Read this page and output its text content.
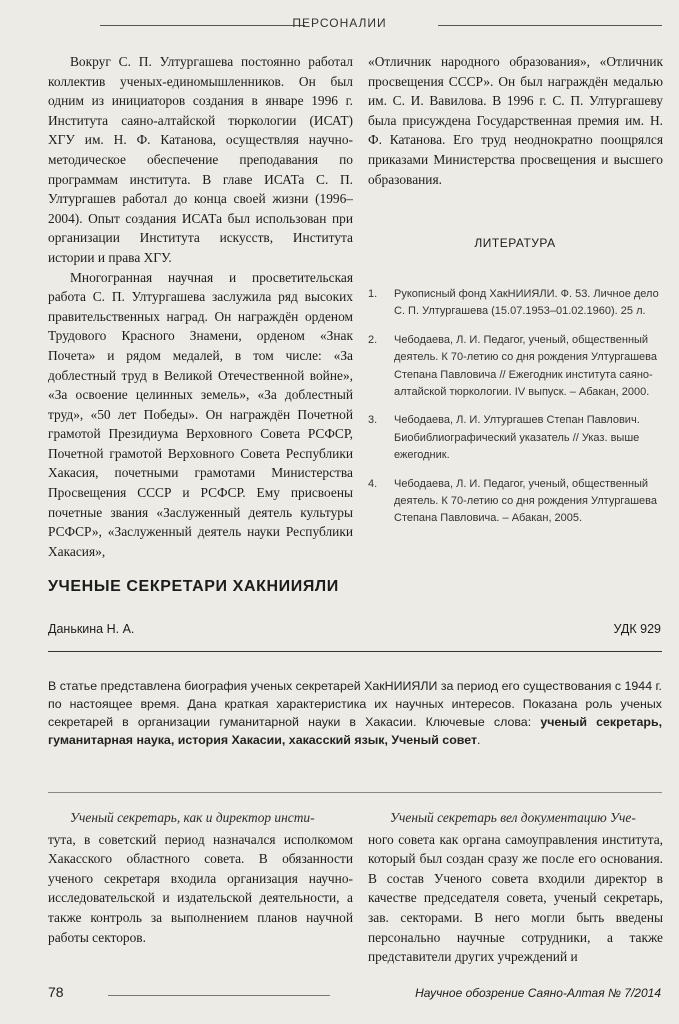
ПЕРСОНАЛИИ

Вокруг С. П. Ултургашева постоянно работал коллектив ученых-единомышленников. Он был одним из инициаторов создания в январе 1996 г. Института саяно-алтайской тюркологии (ИСАТ) ХГУ им. Н. Ф. Катанова, осуществляя научно-методическое обеспечение преподавания по программам института. В главе ИСАТа С. П. Ултургашев работал до конца своей жизни (1996–2004). Опыт создания ИСАТа был использован при организации Института искусств, Института истории и права ХГУ.

Многогранная научная и просветительская работа С. П. Ултургашева заслужила ряд высоких правительственных наград. Он награждён орденом Трудового Красного Знамени, орденом «Знак Почета» и рядом медалей, в том числе: «За доблестный труд в Великой Отечественной войне», «За освоение целинных земель», «За доблестный труд», «50 лет Победы». Он награждён Почетной грамотой Президиума Верховного Совета РСФСР, Почетной грамотой Верховного Совета Республики Хакасия, почетными грамотами Министерства Просвещения СССР и РСФСР. Ему присвоены почетные звания «Заслуженный деятель культуры РСФСР», «Заслуженный деятель науки Республики Хакасия»,

«Отличник народного образования», «Отличник просвещения СССР». Он был награждён медалью им. С. И. Вавилова. В 1996 г. С. П. Ултургашеву была присуждена Государственная премия им. Н. Ф. Катанова. Его труд неоднократно поощрялся приказами Министерства просвещения и высшего образования.

ЛИТЕРАТУРА
1.	Рукописный фонд ХакНИИЯЛИ. Ф. 53. Личное дело С. П. Ултургашева (15.07.1953–01.02.1960). 25 л.
2.	Чебодаева, Л. И. Педагог, ученый, общественный деятель. К 70-летию со дня рождения Ултургашева Степана Павловича // Ежегодник института саяно-алтайской тюркологии. IV выпуск. – Абакан, 2000.
3.	Чебодаева, Л. И. Ултургашев Степан Павлович. Биобиблиографический указатель // Указ. выше ежегодник.
4.	Чебодаева, Л. И. Педагог, ученый, общественный деятель. К 70-летию со дня рождения Ултургашева Степана Павловича. – Абакан, 2005.
УЧЕНЫЕ СЕКРЕТАРИ ХАКНИИЯЛИ
Данькина Н. А.	УДК 929

В статье представлена биография ученых секретарей ХакНИИЯЛИ за период его существования с 1944 г. по настоящее время. Дана краткая характеристика их научных интересов. Показана роль ученых секретарей в организации гуманитарной науки в Хакасии. Ключевые слова: ученый секретарь, гуманитарная наука, история Хакасии, хакасский язык, Ученый совет.

Ученый секретарь, как и директор инсти-

тута, в советский период назначался исполкомом Хакасского областного совета. В обязанности ученого секретаря входила организация научно-исследовательской и издательской деятельности, а также контроль за выполнением планов научной работы секторов.

Ученый секретарь вел документацию Уче-

ного совета как органа самоуправления института, который был создан сразу же после его основания. В состав Ученого совета входили директор в качестве председателя совета, ученый секретарь, зав. секторами. В него могли быть введены персонально научные сотрудники, а также представители других учреждений и

78	Научное обозрение Саяно-Алтая № 7/2014
